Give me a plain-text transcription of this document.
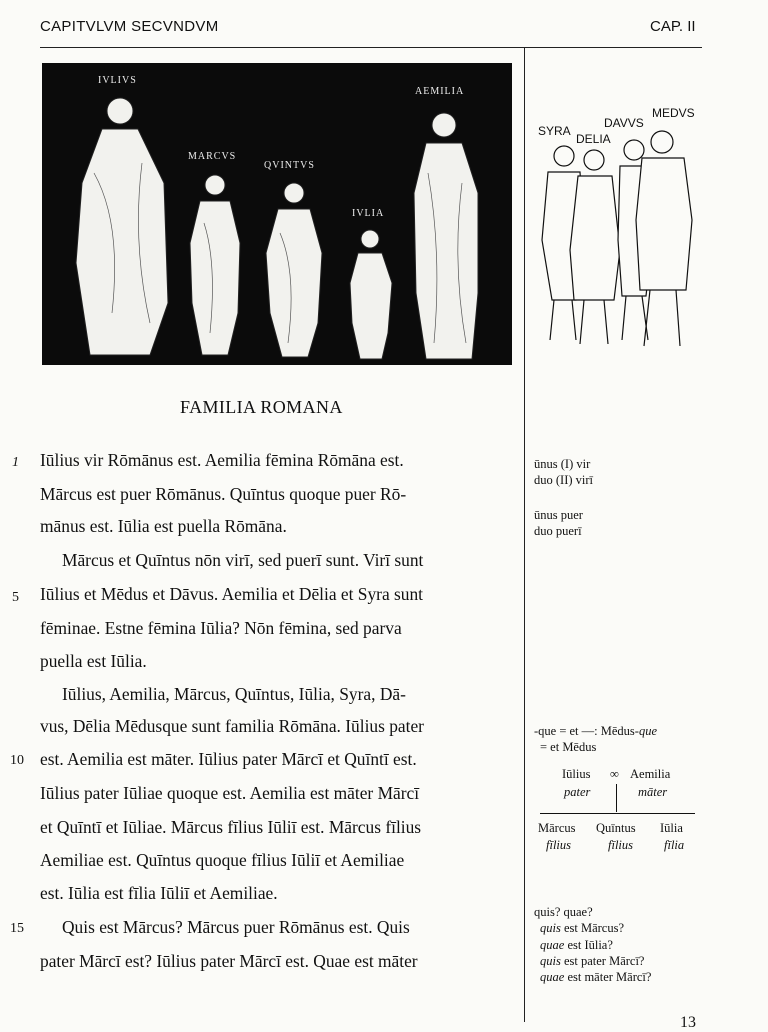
CAPITVLVM SECVNDVM	CAP. II
IVLIVS
MARCVS
QVINTVS
IVLIA
AEMILIA
SYRA
DELIA
DAVVS
MEDVS
FAMILIA ROMANA
1
5
10
15
Iūlius vir Rōmānus est. Aemilia fēmina Rōmāna est.
Mārcus est puer Rōmānus. Quīntus quoque puer Rō-
mānus est. Iūlia est puella Rōmāna.
Mārcus et Quīntus nōn virī, sed puerī sunt. Virī sunt
Iūlius et Mēdus et Dāvus. Aemilia et Dēlia et Syra sunt
fēminae. Estne fēmina Iūlia? Nōn fēmina, sed parva
puella est Iūlia.
Iūlius, Aemilia, Mārcus, Quīntus, Iūlia, Syra, Dā-
vus, Dēlia Mēdusque sunt familia Rōmāna. Iūlius pater
est. Aemilia est māter. Iūlius pater Mārcī et Quīntī est.
Iūlius pater Iūliae quoque est. Aemilia est māter Mārcī
et Quīntī et Iūliae. Mārcus fīlius Iūliī est. Mārcus fīlius
Aemiliae est. Quīntus quoque fīlius Iūliī et Aemiliae
est. Iūlia est fīlia Iūliī et Aemiliae.
Quis est Mārcus? Mārcus puer Rōmānus est. Quis
pater Mārcī est? Iūlius pater Mārcī est. Quae est māter
ūnus (I) vir
duo (II) virī
ūnus puer
duo puerī
-que = et —: Mēdus-que
= et Mēdus
Iūlius ∞ Aemilia
pater	māter
Mārcus Quīntus Iūlia
fīlius	fīlius fīlia
quis? quae?
quis est Mārcus?
quae est Iūlia?
quis est pater Mārcī?
quae est māter Mārcī?
13
